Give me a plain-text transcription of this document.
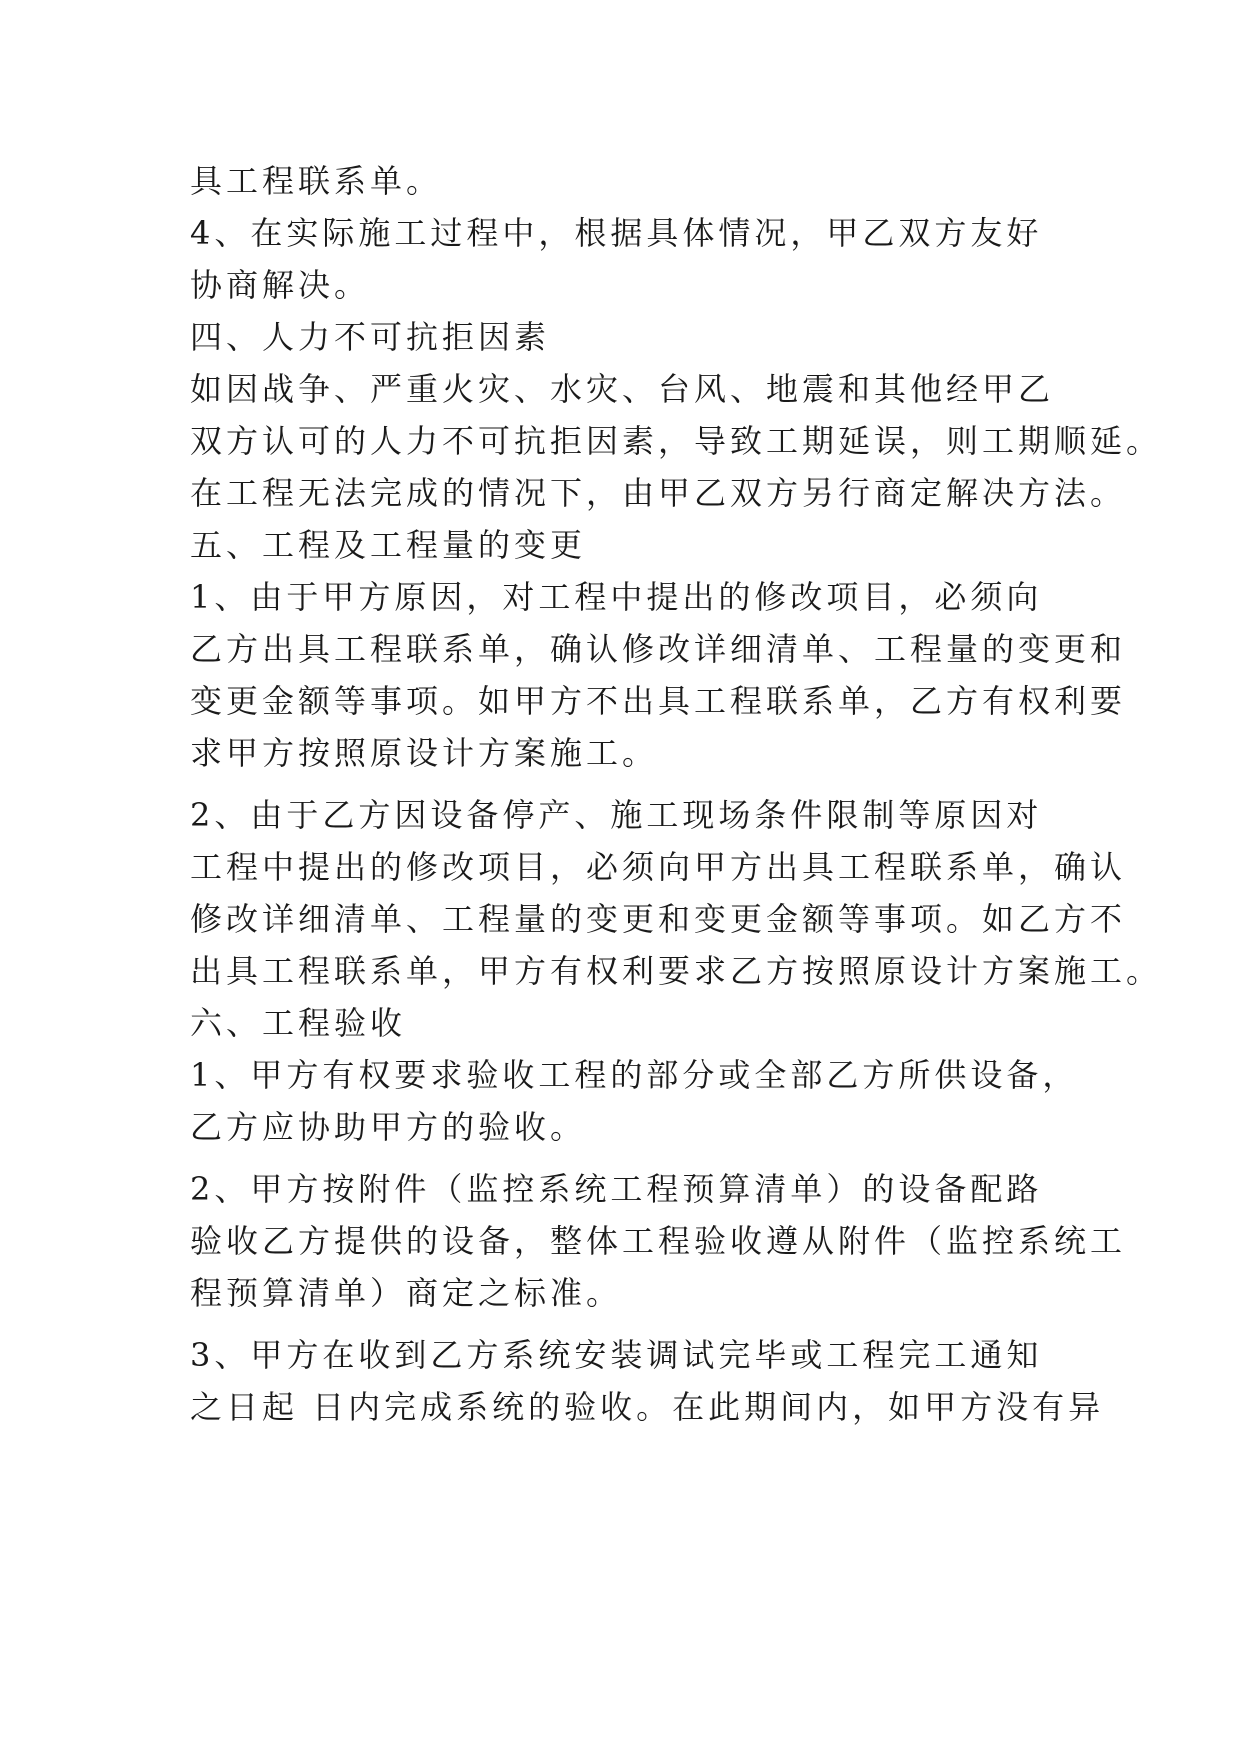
具工程联系单。
4、在实际施工过程中，根据具体情况，甲乙双方友好
协商解决。
四、人力不可抗拒因素
如因战争、严重火灾、水灾、台风、地震和其他经甲乙
双方认可的人力不可抗拒因素，导致工期延误，则工期顺延。
在工程无法完成的情况下，由甲乙双方另行商定解决方法。
五、工程及工程量的变更
1、由于甲方原因，对工程中提出的修改项目，必须向
乙方出具工程联系单，确认修改详细清单、工程量的变更和
变更金额等事项。如甲方不出具工程联系单，乙方有权利要
求甲方按照原设计方案施工。
2、由于乙方因设备停产、施工现场条件限制等原因对
工程中提出的修改项目，必须向甲方出具工程联系单，确认
修改详细清单、工程量的变更和变更金额等事项。如乙方不
出具工程联系单，甲方有权利要求乙方按照原设计方案施工。
六、工程验收
1、甲方有权要求验收工程的部分或全部乙方所供设备，
乙方应协助甲方的验收。
2、甲方按附件（监控系统工程预算清单）的设备配路
验收乙方提供的设备，整体工程验收遵从附件（监控系统工
程预算清单）商定之标准。
3、甲方在收到乙方系统安装调试完毕或工程完工通知
之日起 日内完成系统的验收。在此期间内，如甲方没有异
